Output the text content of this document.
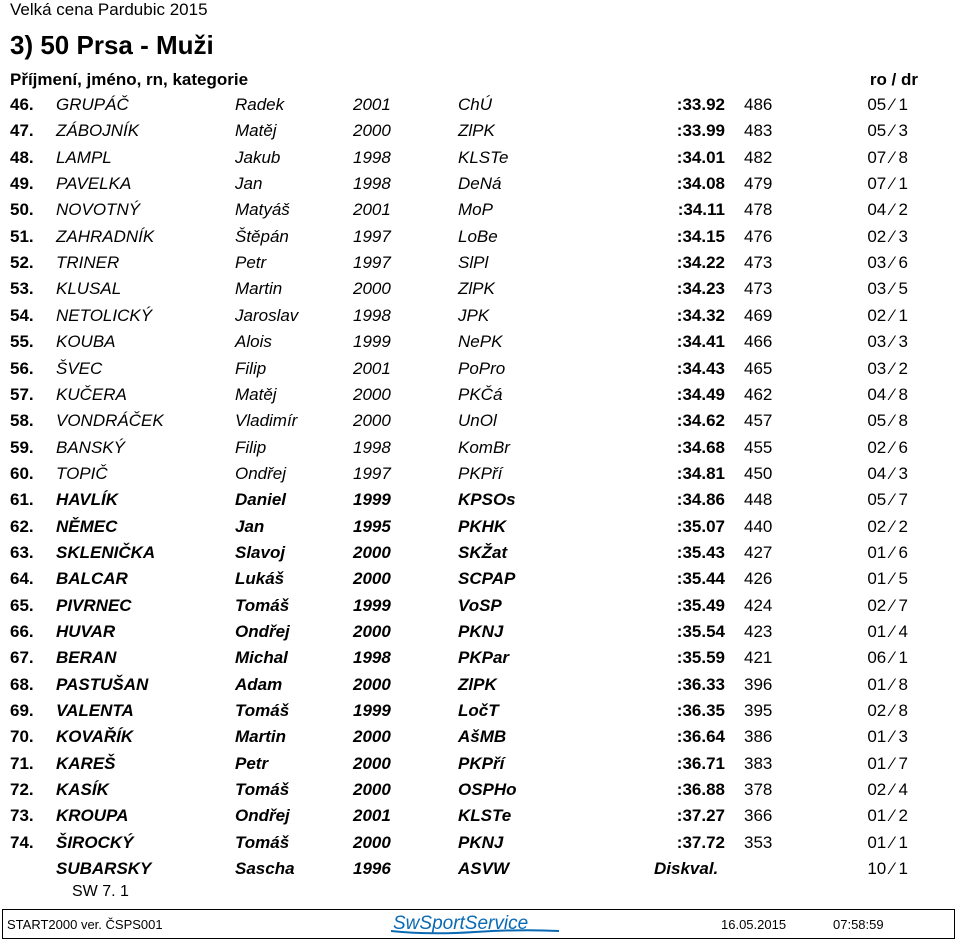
Velká cena Pardubic 2015
3) 50 Prsa - Muži
Příjmení, jméno, rn, kategorie	ro / dr
46. GRUPÁČ	Radek	2001	ChÚ	:33.92 486	05 ⁄ 1
47. ZÁBOJNÍK	Matěj	2000	ZlPK	:33.99 483	05 ⁄ 3
48. LAMPL	Jakub	1998	KLSTe	:34.01 482	07 ⁄ 8
49. PAVELKA	Jan	1998	DeNá	:34.08 479	07 ⁄ 1
50. NOVOTNÝ	Matyáš	2001	MoP	:34.11 478	04 ⁄ 2
51. ZAHRADNÍK	Štěpán	1997	LoBe	:34.15 476	02 ⁄ 3
52. TRINER	Petr	1997	SlPl	:34.22 473	03 ⁄ 6
53. KLUSAL	Martin	2000	ZlPK	:34.23 473	03 ⁄ 5
54. NETOLICKÝ	Jaroslav	1998	JPK	:34.32 469	02 ⁄ 1
55. KOUBA	Alois	1999	NePK	:34.41 466	03 ⁄ 3
56. ŠVEC	Filip	2001	PoPro	:34.43 465	03 ⁄ 2
57. KUČERA	Matěj	2000	PKČá	:34.49 462	04 ⁄ 8
58. VONDRÁČEK	Vladimír	2000	UnOl	:34.62 457	05 ⁄ 8
59. BANSKÝ	Filip	1998	KomBr	:34.68 455	02 ⁄ 6
60. TOPIČ	Ondřej	1997	PKPří	:34.81 450	04 ⁄ 3
61. HAVLÍK	Daniel	1999	KPSOs	:34.86 448	05 ⁄ 7
62. NĚMEC	Jan	1995	PKHK	:35.07 440	02 ⁄ 2
63. SKLENIČKA	Slavoj	2000	SKŽat	:35.43 427	01 ⁄ 6
64. BALCAR	Lukáš	2000	SCPAP	:35.44 426	01 ⁄ 5
65. PIVRNEC	Tomáš	1999	VoSP	:35.49 424	02 ⁄ 7
66. HUVAR	Ondřej	2000	PKNJ	:35.54 423	01 ⁄ 4
67. BERAN	Michal	1998	PKPar	:35.59 421	06 ⁄ 1
68. PASTUŠAN	Adam	2000	ZlPK	:36.33 396	01 ⁄ 8
69. VALENTA	Tomáš	1999	LočT	:36.35 395	02 ⁄ 8
70. KOVAŘÍK	Martin	2000	AšMB	:36.64 386	01 ⁄ 3
71. KAREŠ	Petr	2000	PKPří	:36.71 383	01 ⁄ 7
72. KASÍK	Tomáš	2000	OSPHo	:36.88 378	02 ⁄ 4
73. KROUPA	Ondřej	2001	KLSTe	:37.27 366	01 ⁄ 2
74. ŠIROCKÝ	Tomáš	2000	PKNJ	:37.72 353	01 ⁄ 1
SUBARSKY	Sascha	1996	ASVW	Diskval.	10 ⁄ 1
SW 7. 1
START2000 ver. ČSPS001	SwSportService	16.05.2015	07:58:59
